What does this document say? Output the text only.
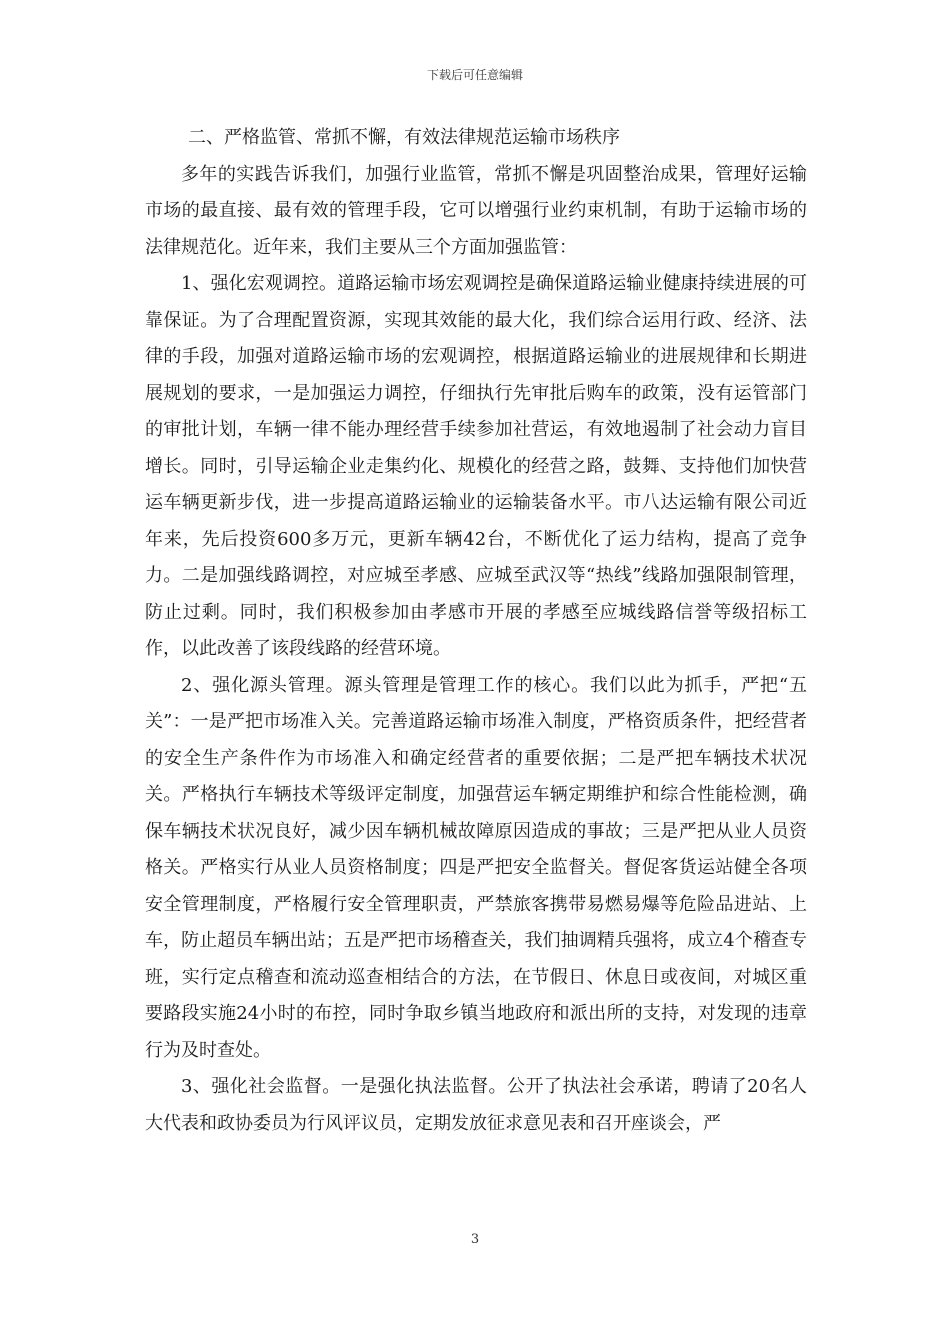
下载后可任意编辑

二、严格监管、常抓不懈，有效法律规范运输市场秩序

多年的实践告诉我们，加强行业监管，常抓不懈是巩固整治成果，管理好运输市场的最直接、最有效的管理手段，它可以增强行业约束机制，有助于运输市场的法律规范化。近年来，我们主要从三个方面加强监管：

1、强化宏观调控。道路运输市场宏观调控是确保道路运输业健康持续进展的可靠保证。为了合理配置资源，实现其效能的最大化，我们综合运用行政、经济、法律的手段，加强对道路运输市场的宏观调控，根据道路运输业的进展规律和长期进展规划的要求，一是加强运力调控，仔细执行先审批后购车的政策，没有运管部门的审批计划，车辆一律不能办理经营手续参加社营运，有效地遏制了社会动力盲目增长。同时，引导运输企业走集约化、规模化的经营之路，鼓舞、支持他们加快营运车辆更新步伐，进一步提高道路运输业的运输装备水平。市八达运输有限公司近年来，先后投资600多万元，更新车辆42台，不断优化了运力结构，提高了竞争力。二是加强线路调控，对应城至孝感、应城至武汉等“热线”线路加强限制管理，防止过剩。同时，我们积极参加由孝感市开展的孝感至应城线路信誉等级招标工作，以此改善了该段线路的经营环境。

2、强化源头管理。源头管理是管理工作的核心。我们以此为抓手，严把“五关”：一是严把市场准入关。完善道路运输市场准入制度，严格资质条件，把经营者的安全生产条件作为市场准入和确定经营者的重要依据；二是严把车辆技术状况关。严格执行车辆技术等级评定制度，加强营运车辆定期维护和综合性能检测，确保车辆技术状况良好，减少因车辆机械故障原因造成的事故；三是严把从业人员资格关。严格实行从业人员资格制度；四是严把安全监督关。督促客货运站健全各项安全管理制度，严格履行安全管理职责，严禁旅客携带易燃易爆等危险品进站、上车，防止超员车辆出站；五是严把市场稽查关，我们抽调精兵强将，成立4个稽查专班，实行定点稽查和流动巡查相结合的方法，在节假日、休息日或夜间，对城区重要路段实施24小时的布控，同时争取乡镇当地政府和派出所的支持，对发现的违章行为及时查处。

3、强化社会监督。一是强化执法监督。公开了执法社会承诺，聘请了20名人大代表和政协委员为行风评议员，定期发放征求意见表和召开座谈会，严

3
